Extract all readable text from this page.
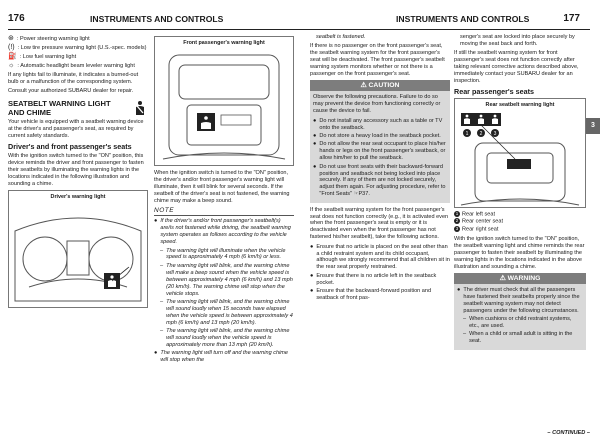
176	INSTRUMENTS AND CONTROLS
⊛ : Power steering warning light
(!) : Low tire pressure warning light (U.S.-spec. models)
⛽ : Low fuel warning light
☼ : Automatic headlight beam leveler warning light

If any lights fail to illuminate, it indicates a burned-out bulb or a malfunction of the corresponding system.

Consult your authorized SUBARU dealer for repair.

SEATBELT WARNING LIGHT AND CHIME

Your vehicle is equipped with a seatbelt warning device at the driver's and passenger's seat, as required by current safety standards.

Driver's and front passenger's seats

With the ignition switch turned to the "ON" position, this device reminds the driver and front passenger to fasten their seatbelts by illuminating the warning lights in the locations indicated in the following illustration and sounding a chime.

Driver's warning light
Front passenger's warning light

When the ignition switch is turned to the "ON" position, the driver's and/or front passenger's warning light will illuminate, then it will blink for several seconds. If the seatbelt of the driver's seat is not fastened, the warning chime may make a beep sound.

NOTE
● If the driver's and/or front passenger's seatbelt(s) are/is not fastened while driving, the seatbelt warning system operates as follows according to the vehicle speed.
– The warning light will illuminate when the vehicle speed is approximately 4 mph (6 km/h) or less.
– The warning light will blink, and the warning chime will make a beep sound when the vehicle speed is between approximately 4 mph (6 km/h) and 13 mph (20 km/h). The warning chime will stop when the vehicle stops.
– The warning light will blink, and the warning chime will sound loudly when 15 seconds have elapsed when the vehicle speed is between approximately 4 mph (6 km/h) and 13 mph (20 km/h).
– The warning light will blink, and the warning chime will sound loudly when the vehicle speed is approximately more than 13 mph (20 km/h).
● The warning light will turn off and the warning chime will stop when the
INSTRUMENTS AND CONTROLS	177

seatbelt is fastened.

If there is no passenger on the front passenger's seat, the seatbelt warning system for the front passenger's seat will be deactivated. The front passenger's seatbelt warning system monitors whether or not there is a passenger on the front passenger's seat.

⚠ CAUTION

Observe the following precautions. Failure to do so may prevent the device from functioning correctly or cause the device to fail.

● Do not install any accessory such as a table or TV onto the seatback.
● Do not store a heavy load in the seatback pocket.
● Do not allow the rear seat occupant to place his/her hands or legs on the front passenger's seatback, or allow him/her to pull the seatback.
● Do not use front seats with their backward-forward position and seatback not being locked into place securely. If any of them are not locked securely, adjust them again. For adjusting procedure, refer to "Front Seats" ☞P37.

If the seatbelt warning system for the front passenger's seat does not function correctly (e.g., it is activated even when the front passenger's seat is empty or it is deactivated even when the front passenger has not fastened his/her seatbelt), take the following actions.

● Ensure that no article is placed on the seat other than a child restraint system and its child occupant, although we strongly recommend that all children sit in the rear seat properly restrained.
● Ensure that there is no article left in the seatback pocket.
● Ensure that the backward-forward position and seatback of front pas-

senger's seat are locked into place securely by moving the seat back and forth.

If still the seatbelt warning system for front passenger's seat does not function correctly after taking relevant corrective actions described above, immediately contact your SUBARU dealer for an inspection.

Rear passenger's seats
Rear seatbelt warning light
1 2 3
1 Rear left seat
2 Rear center seat
3 Rear right seat

With the ignition switch turned to the "ON" position, the seatbelt warning light and chime reminds the rear passenger to fasten their seatbelt by illuminating the warning lights in the locations indicated in the above illustration and sounding a chime.

⚠ WARNING
● The driver must check that all the passengers have fastened their seatbelts properly since the seatbelt warning system may not detect passengers under the following circumstances.
– When cushions or child restraint systems, etc., are used.
– When a child or small adult is sitting in the seat.
3
– CONTINUED –
